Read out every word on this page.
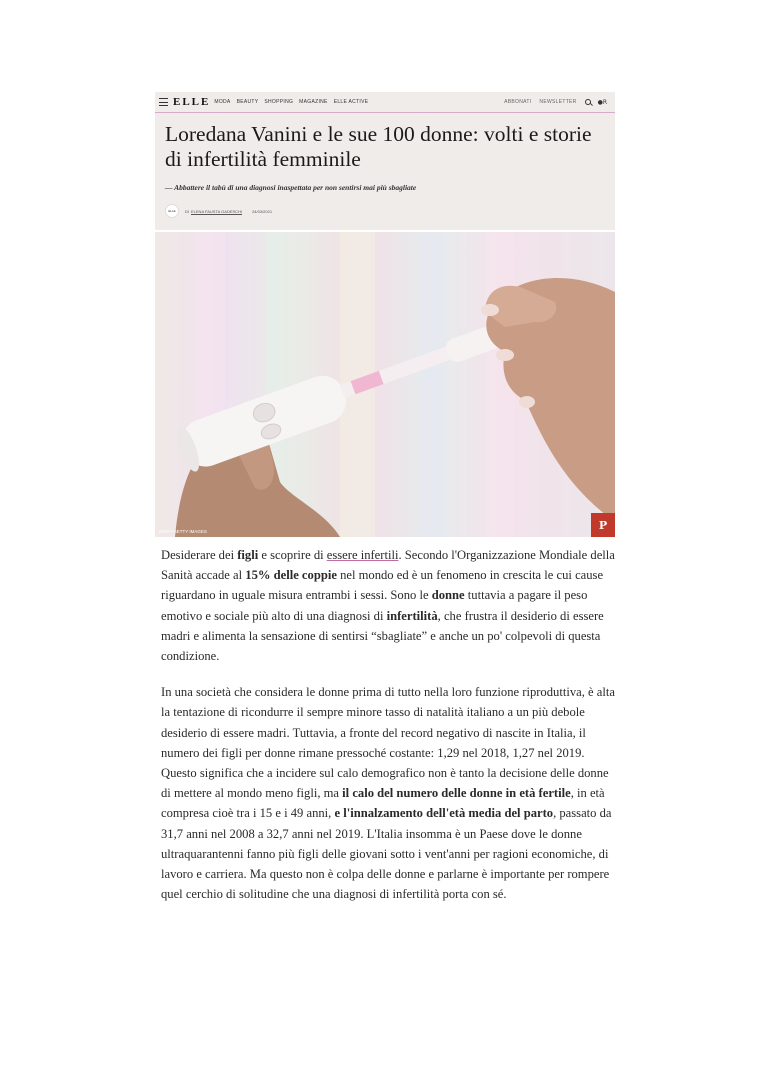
ELLE MODA BEAUTY SHOPPING MAGAZINE ELLE ACTIVE	ABBONATI NEWSLETTER	●R
Loredana Vanini e le sue 100 donne: volti e storie di infertilità femminile
— Abbattere il tabù di una diagnosi inaspettata per non sentirsi mai più sbagliate
ELLE	DI ELENA FAUSTA GADESCHI	24/03/2021
BSIP • GETTY IMAGES	P

Desiderare dei figli e scoprire di essere infertili. Secondo l'Organizzazione Mondiale della Sanità accade al 15% delle coppie nel mondo ed è un fenomeno in crescita le cui cause riguardano in uguale misura entrambi i sessi. Sono le donne tuttavia a pagare il peso emotivo e sociale più alto di una diagnosi di infertilità, che frustra il desiderio di essere madri e alimenta la sensazione di sentirsi “sbagliate” e anche un po' colpevoli di questa condizione.

In una società che considera le donne prima di tutto nella loro funzione riproduttiva, è alta la tentazione di ricondurre il sempre minore tasso di natalità italiano a un più debole desiderio di essere madri. Tuttavia, a fronte del record negativo di nascite in Italia, il numero dei figli per donne rimane pressoché costante: 1,29 nel 2018, 1,27 nel 2019. Questo significa che a incidere sul calo demografico non è tanto la decisione delle donne di mettere al mondo meno figli, ma il calo del numero delle donne in età fertile, in età compresa cioè tra i 15 e i 49 anni, e l'innalzamento dell'età media del parto, passato da 31,7 anni nel 2008 a 32,7 anni nel 2019. L'Italia insomma è un Paese dove le donne ultraquarantenni fanno più figli delle giovani sotto i vent'anni per ragioni economiche, di lavoro e carriera. Ma questo non è colpa delle donne e parlarne è importante per rompere quel cerchio di solitudine che una diagnosi di infertilità porta con sé.
